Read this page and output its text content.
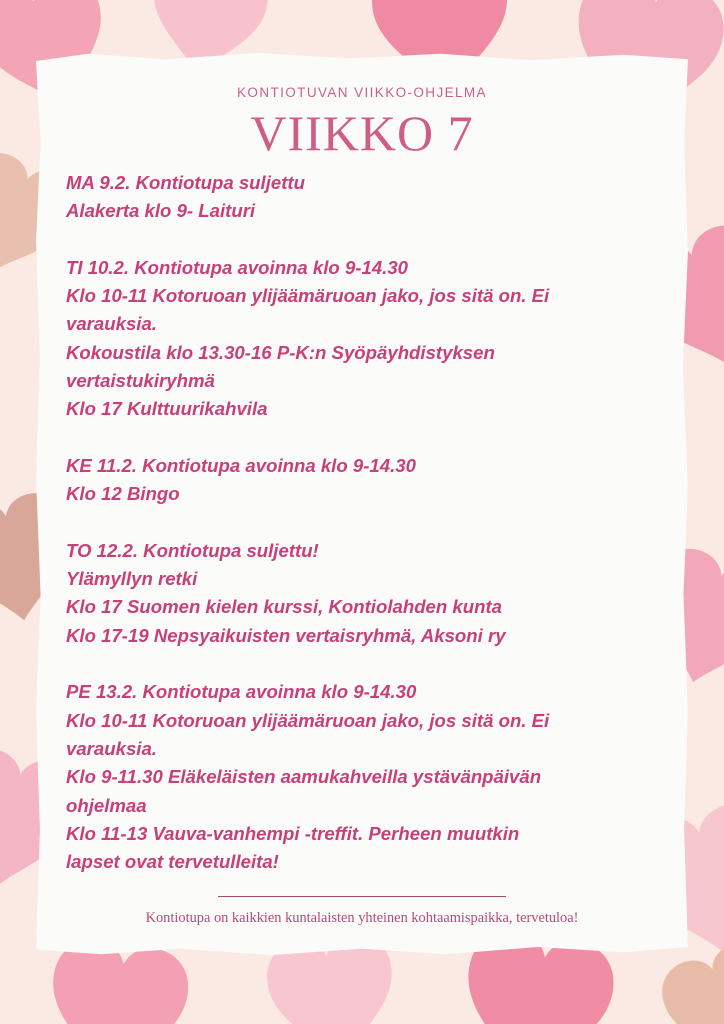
KONTIOTUVAN VIIKKO-OHJELMA
VIIKKO 7
MA 9.2. Kontiotupa suljettu
Alakerta klo 9- Laituri
TI 10.2. Kontiotupa avoinna klo 9-14.30
Klo 10-11 Kotoruoan ylijäämäruoan jako, jos sitä on. Ei
varauksia.
Kokoustila klo 13.30-16 P-K:n Syöpäyhdistyksen
vertaistukiryhmä
Klo 17 Kulttuurikahvila
KE 11.2. Kontiotupa avoinna klo 9-14.30
Klo 12 Bingo
TO 12.2. Kontiotupa suljettu!
Ylämyllyn retki
Klo 17 Suomen kielen kurssi, Kontiolahden kunta
Klo 17-19 Nepsyaikuisten vertaisryhmä, Aksoni ry
PE 13.2. Kontiotupa avoinna klo 9-14.30
Klo 10-11 Kotoruoan ylijäämäruoan jako, jos sitä on. Ei
varauksia.
Klo 9-11.30 Eläkeläisten aamukahveilla ystävänpäivän
ohjelmaa
Klo 11-13 Vauva-vanhempi -treffit. Perheen muutkin
lapset ovat tervetulleita!
Kontiotupa on kaikkien kuntalaisten yhteinen kohtaamispaikka, tervetuloa!
